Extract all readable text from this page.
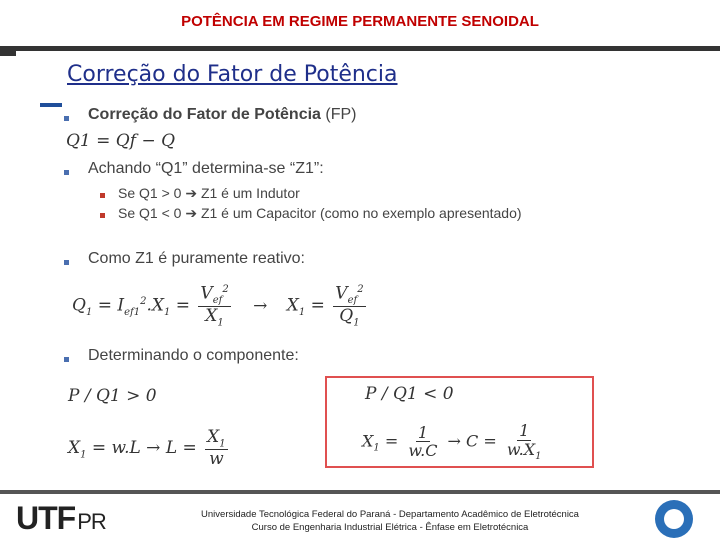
POTÊNCIA EM REGIME PERMANENTE SENOIDAL
Correção do Fator de Potência
Correção do Fator de Potência (FP)
Q1 = Qf − Q
Achando “Q1” determina-se “Z1”:
Se Q1 > 0 ➔ Z1 é um Indutor
Se Q1 < 0 ➔ Z1 é um Capacitor (como no exemplo apresentado)
Como Z1 é puramente reativo:
$Q_1 = I_{ef1}^2.X_1 = \frac{V_{ef}^2}{X_1} \to X_1 = \frac{V_{ef}^2}{Q_1}$
Determinando o componente:
P / Q1 > 0
$X_1 = w.L \to L = \frac{X_1}{w}$
P / Q1 < 0
$X_1 = \frac{1}{w.C} \to C = \frac{1}{w.X_1}$
UTFPR	Universidade Tecnológica Federal do Paraná - Departamento Acadêmico de Eletrotécnica
Curso de Engenharia Industrial Elétrica - Ênfase em Eletrotécnica
